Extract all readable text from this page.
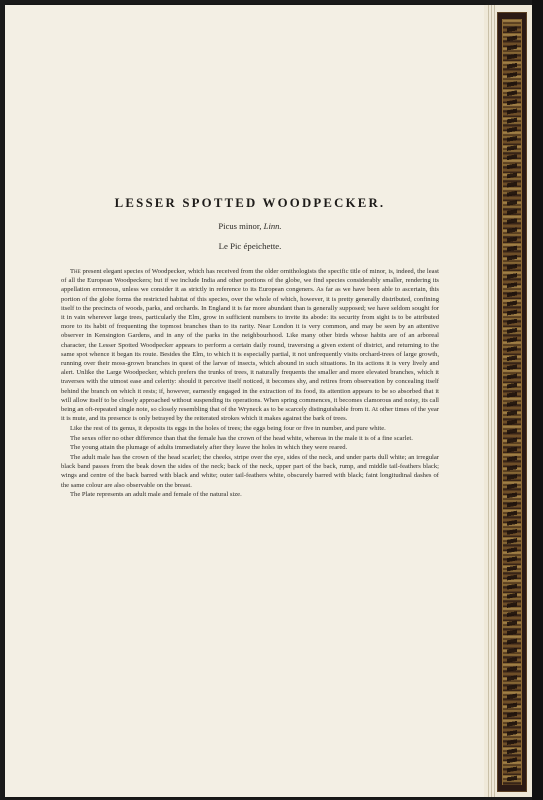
LESSER SPOTTED WOODPECKER.
Picus minor, Linn.
Le Pic épeichette.

The present elegant species of Woodpecker, which has received from the older ornithologists the specific title of minor, is, indeed, the least of all the European Woodpeckers; but if we include India and other portions of the globe, we find species considerably smaller, rendering its appellation erroneous, unless we consider it as strictly in reference to its European congeners. As far as we have been able to ascertain, this portion of the globe forms the restricted habitat of this species, over the whole of which, however, it is pretty generally distributed, confining itself to the precincts of woods, parks, and orchards. In England it is far more abundant than is generally supposed; we have seldom sought for it in vain wherever large trees, particularly the Elm, grow in sufficient numbers to invite its abode: its security from sight is to be attributed more to its habit of frequenting the topmost branches than to its rarity. Near London it is very common, and may be seen by an attentive observer in Kensington Gardens, and in any of the parks in the neighbourhood. Like many other birds whose habits are of an arboreal character, the Lesser Spotted Woodpecker appears to perform a certain daily round, traversing a given extent of district, and returning to the same spot whence it began its route. Besides the Elm, to which it is especially partial, it not unfrequently visits orchard-trees of large growth, running over their moss-grown branches in quest of the larvæ of insects, which abound in such situations. In its actions it is very lively and alert. Unlike the Large Woodpecker, which prefers the trunks of trees, it naturally frequents the smaller and more elevated branches, which it traverses with the utmost ease and celerity: should it perceive itself noticed, it becomes shy, and retires from observation by concealing itself behind the branch on which it rests; if, however, earnestly engaged in the extraction of its food, its attention appears to be so absorbed that it will allow itself to be closely approached without suspending its operations. When spring commences, it becomes clamorous and noisy, its call being an oft-repeated single note, so closely resembling that of the Wryneck as to be scarcely distinguishable from it. At other times of the year it is mute, and its presence is only betrayed by the reiterated strokes which it makes against the bark of trees.

Like the rest of its genus, it deposits its eggs in the holes of trees; the eggs being four or five in number, and pure white.

The sexes offer no other difference than that the female has the crown of the head white, whereas in the male it is of a fine scarlet.

The young attain the plumage of adults immediately after they leave the holes in which they were reared.

The adult male has the crown of the head scarlet; the cheeks, stripe over the eye, sides of the neck, and under parts dull white; an irregular black band passes from the beak down the sides of the neck; back of the neck, upper part of the back, rump, and middle tail-feathers black; wings and centre of the back barred with black and white; outer tail-feathers white, obscurely barred with black; faint longitudinal dashes of the same colour are also observable on the breast.

The Plate represents an adult male and female of the natural size.
